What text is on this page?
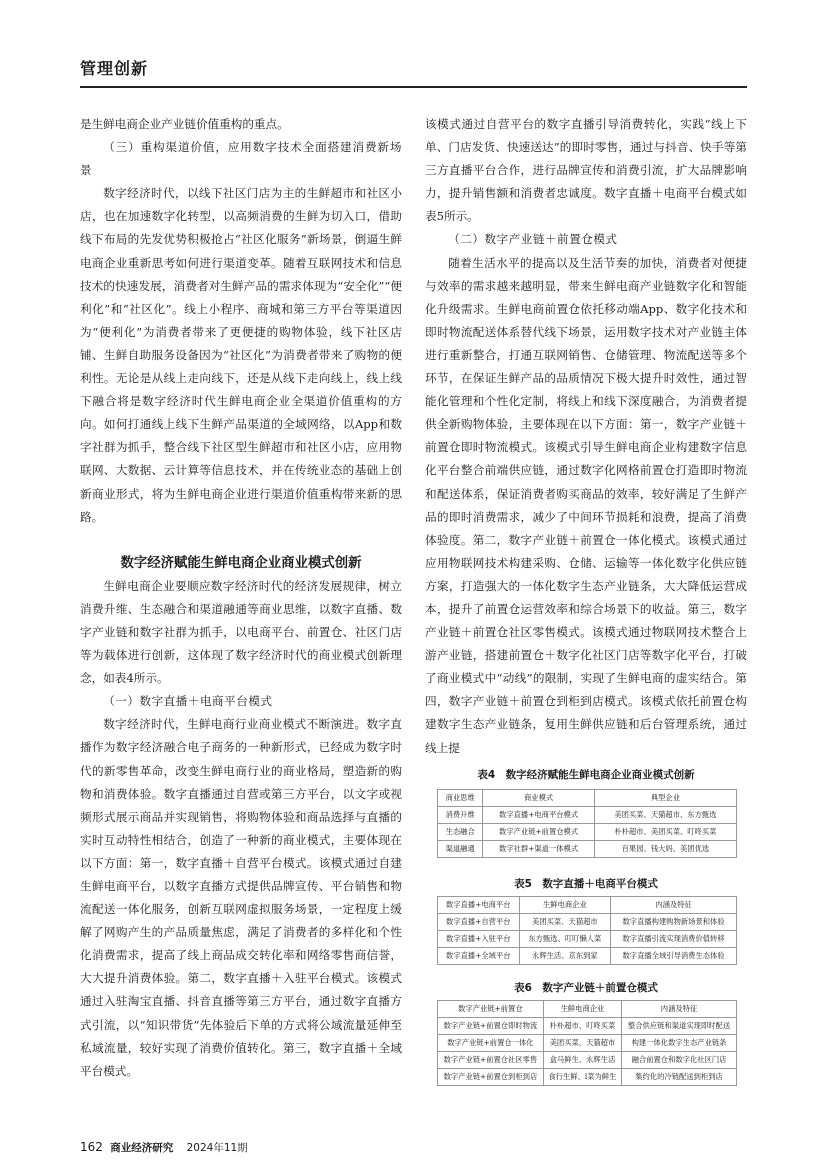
管理创新

是生鲜电商企业产业链价值重构的重点。

（三）重构渠道价值，应用数字技术全面搭建消费新场景

数字经济时代，以线下社区门店为主的生鲜超市和社区小店，也在加速数字化转型，以高频消费的生鲜为切入口，借助线下布局的先发优势积极抢占“社区化服务”新场景，倒逼生鲜电商企业重新思考如何进行渠道变革。随着互联网技术和信息技术的快速发展，消费者对生鲜产品的需求体现为“安全化”“便利化”和“社区化”。线上小程序、商城和第三方平台等渠道因为“便利化”为消费者带来了更便捷的购物体验，线下社区店铺、生鲜自助服务设备因为“社区化”为消费者带来了购物的便利性。无论是从线上走向线下，还是从线下走向线上，线上线下融合将是数字经济时代生鲜电商企业全渠道价值重构的方向。如何打通线上线下生鲜产品渠道的全域网络，以App和数字社群为抓手，整合线下社区型生鲜超市和社区小店，应用物联网、大数据、云计算等信息技术，并在传统业态的基础上创新商业形式，将为生鲜电商企业进行渠道价值重构带来新的思路。

数字经济赋能生鲜电商企业商业模式创新

生鲜电商企业要顺应数字经济时代的经济发展规律，树立消费升维、生态融合和渠道融通等商业思维，以数字直播、数字产业链和数字社群为抓手，以电商平台、前置仓、社区门店等为载体进行创新，这体现了数字经济时代的商业模式创新理念，如表4所示。

（一）数字直播＋电商平台模式

数字经济时代，生鲜电商行业商业模式不断演进。数字直播作为数字经济融合电子商务的一种新形式，已经成为数字时代的新零售革命，改变生鲜电商行业的商业格局，塑造新的购物和消费体验。数字直播通过自营或第三方平台，以文字或视频形式展示商品并实现销售，将购物体验和商品选择与直播的实时互动特性相结合，创造了一种新的商业模式，主要体现在以下方面：第一，数字直播＋自营平台模式。该模式通过自建生鲜电商平台，以数字直播方式提供品牌宣传、平台销售和物流配送一体化服务，创新互联网虚拟服务场景，一定程度上缓解了网购产生的产品质量焦虑，满足了消费者的多样化和个性化消费需求，提高了线上商品成交转化率和网络零售商信誉，大大提升消费体验。第二，数字直播＋入驻平台模式。该模式通过入驻淘宝直播、抖音直播等第三方平台，通过数字直播方式引流，以“知识带货”先体验后下单的方式将公域流量延伸至私域流量，较好实现了消费价值转化。第三，数字直播＋全域平台模式。

该模式通过自营平台的数字直播引导消费转化，实践“线上下单、门店发货、快速送达”的即时零售，通过与抖音、快手等第三方直播平台合作，进行品牌宣传和消费引流，扩大品牌影响力，提升销售额和消费者忠诚度。数字直播＋电商平台模式如表5所示。

（二）数字产业链＋前置仓模式

随着生活水平的提高以及生活节奏的加快，消费者对便捷与效率的需求越来越明显，带来生鲜电商产业链数字化和智能化升级需求。生鲜电商前置仓依托移动端App、数字化技术和即时物流配送体系替代线下场景，运用数字技术对产业链主体进行重新整合，打通互联网销售、仓储管理、物流配送等多个环节，在保证生鲜产品的品质情况下极大提升时效性，通过智能化管理和个性化定制，将线上和线下深度融合，为消费者提供全新购物体验，主要体现在以下方面：第一，数字产业链＋前置仓即时物流模式。该模式引导生鲜电商企业构建数字信息化平台整合前端供应链，通过数字化网格前置仓打造即时物流和配送体系，保证消费者购买商品的效率，较好满足了生鲜产品的即时消费需求，减少了中间环节损耗和浪费，提高了消费体验度。第二，数字产业链＋前置仓一体化模式。该模式通过应用物联网技术构建采购、仓储、运输等一体化数字化供应链方案，打造强大的一体化数字生态产业链条，大大降低运营成本，提升了前置仓运营效率和综合场景下的收益。第三，数字产业链＋前置仓社区零售模式。该模式通过物联网技术整合上游产业链，搭建前置仓＋数字化社区门店等数字化平台，打破了商业模式中“动线”的限制，实现了生鲜电商的虚实结合。第四，数字产业链＋前置仓到柜到店模式。该模式依托前置仓构建数字生态产业链条，复用生鲜供应链和后台管理系统，通过线上提

表4　数字经济赋能生鲜电商企业商业模式创新
商业思维	商业模式	典型企业
消费升维	数字直播+电商平台模式	美团买菜、天猫超市、东方甄选
生态融合	数字产业链+前置仓模式	朴朴超市、美团买菜、叮咚买菜
渠道融通	数字社群+渠道一体模式	百果园、钱大妈、美团优选
表5　数字直播＋电商平台模式
数字直播+电商平台	生鲜电商企业	内涵及特征
数字直播+自营平台	美团买菜、天猫超市	数字直播构建购物新场景和体验
数字直播+入驻平台	东方甄选、叮叮懒人菜	数字直播引流实现消费价值转移
数字直播+全域平台	永辉生活、京东到家	数字直播全域引导消费生态体验
表6　数字产业链＋前置仓模式
数字产业链+前置仓	生鲜电商企业	内涵及特征
数字产业链+前置仓即时物流	朴朴超市、叮咚买菜	整合供应链和渠道实现即时配送
数字产业链+前置仓一体化	美团买菜、天猫超市	构建一体化数字生态产业链条
数字产业链+前置仓社区零售	盒马鲜生、永辉生活	融合前置仓和数字化社区门店
数字产业链+前置仓到柜到店	食行生鲜、l菜为鲜生	集约化的冷链配送到柜到店
162 商业经济研究 2024年11期
